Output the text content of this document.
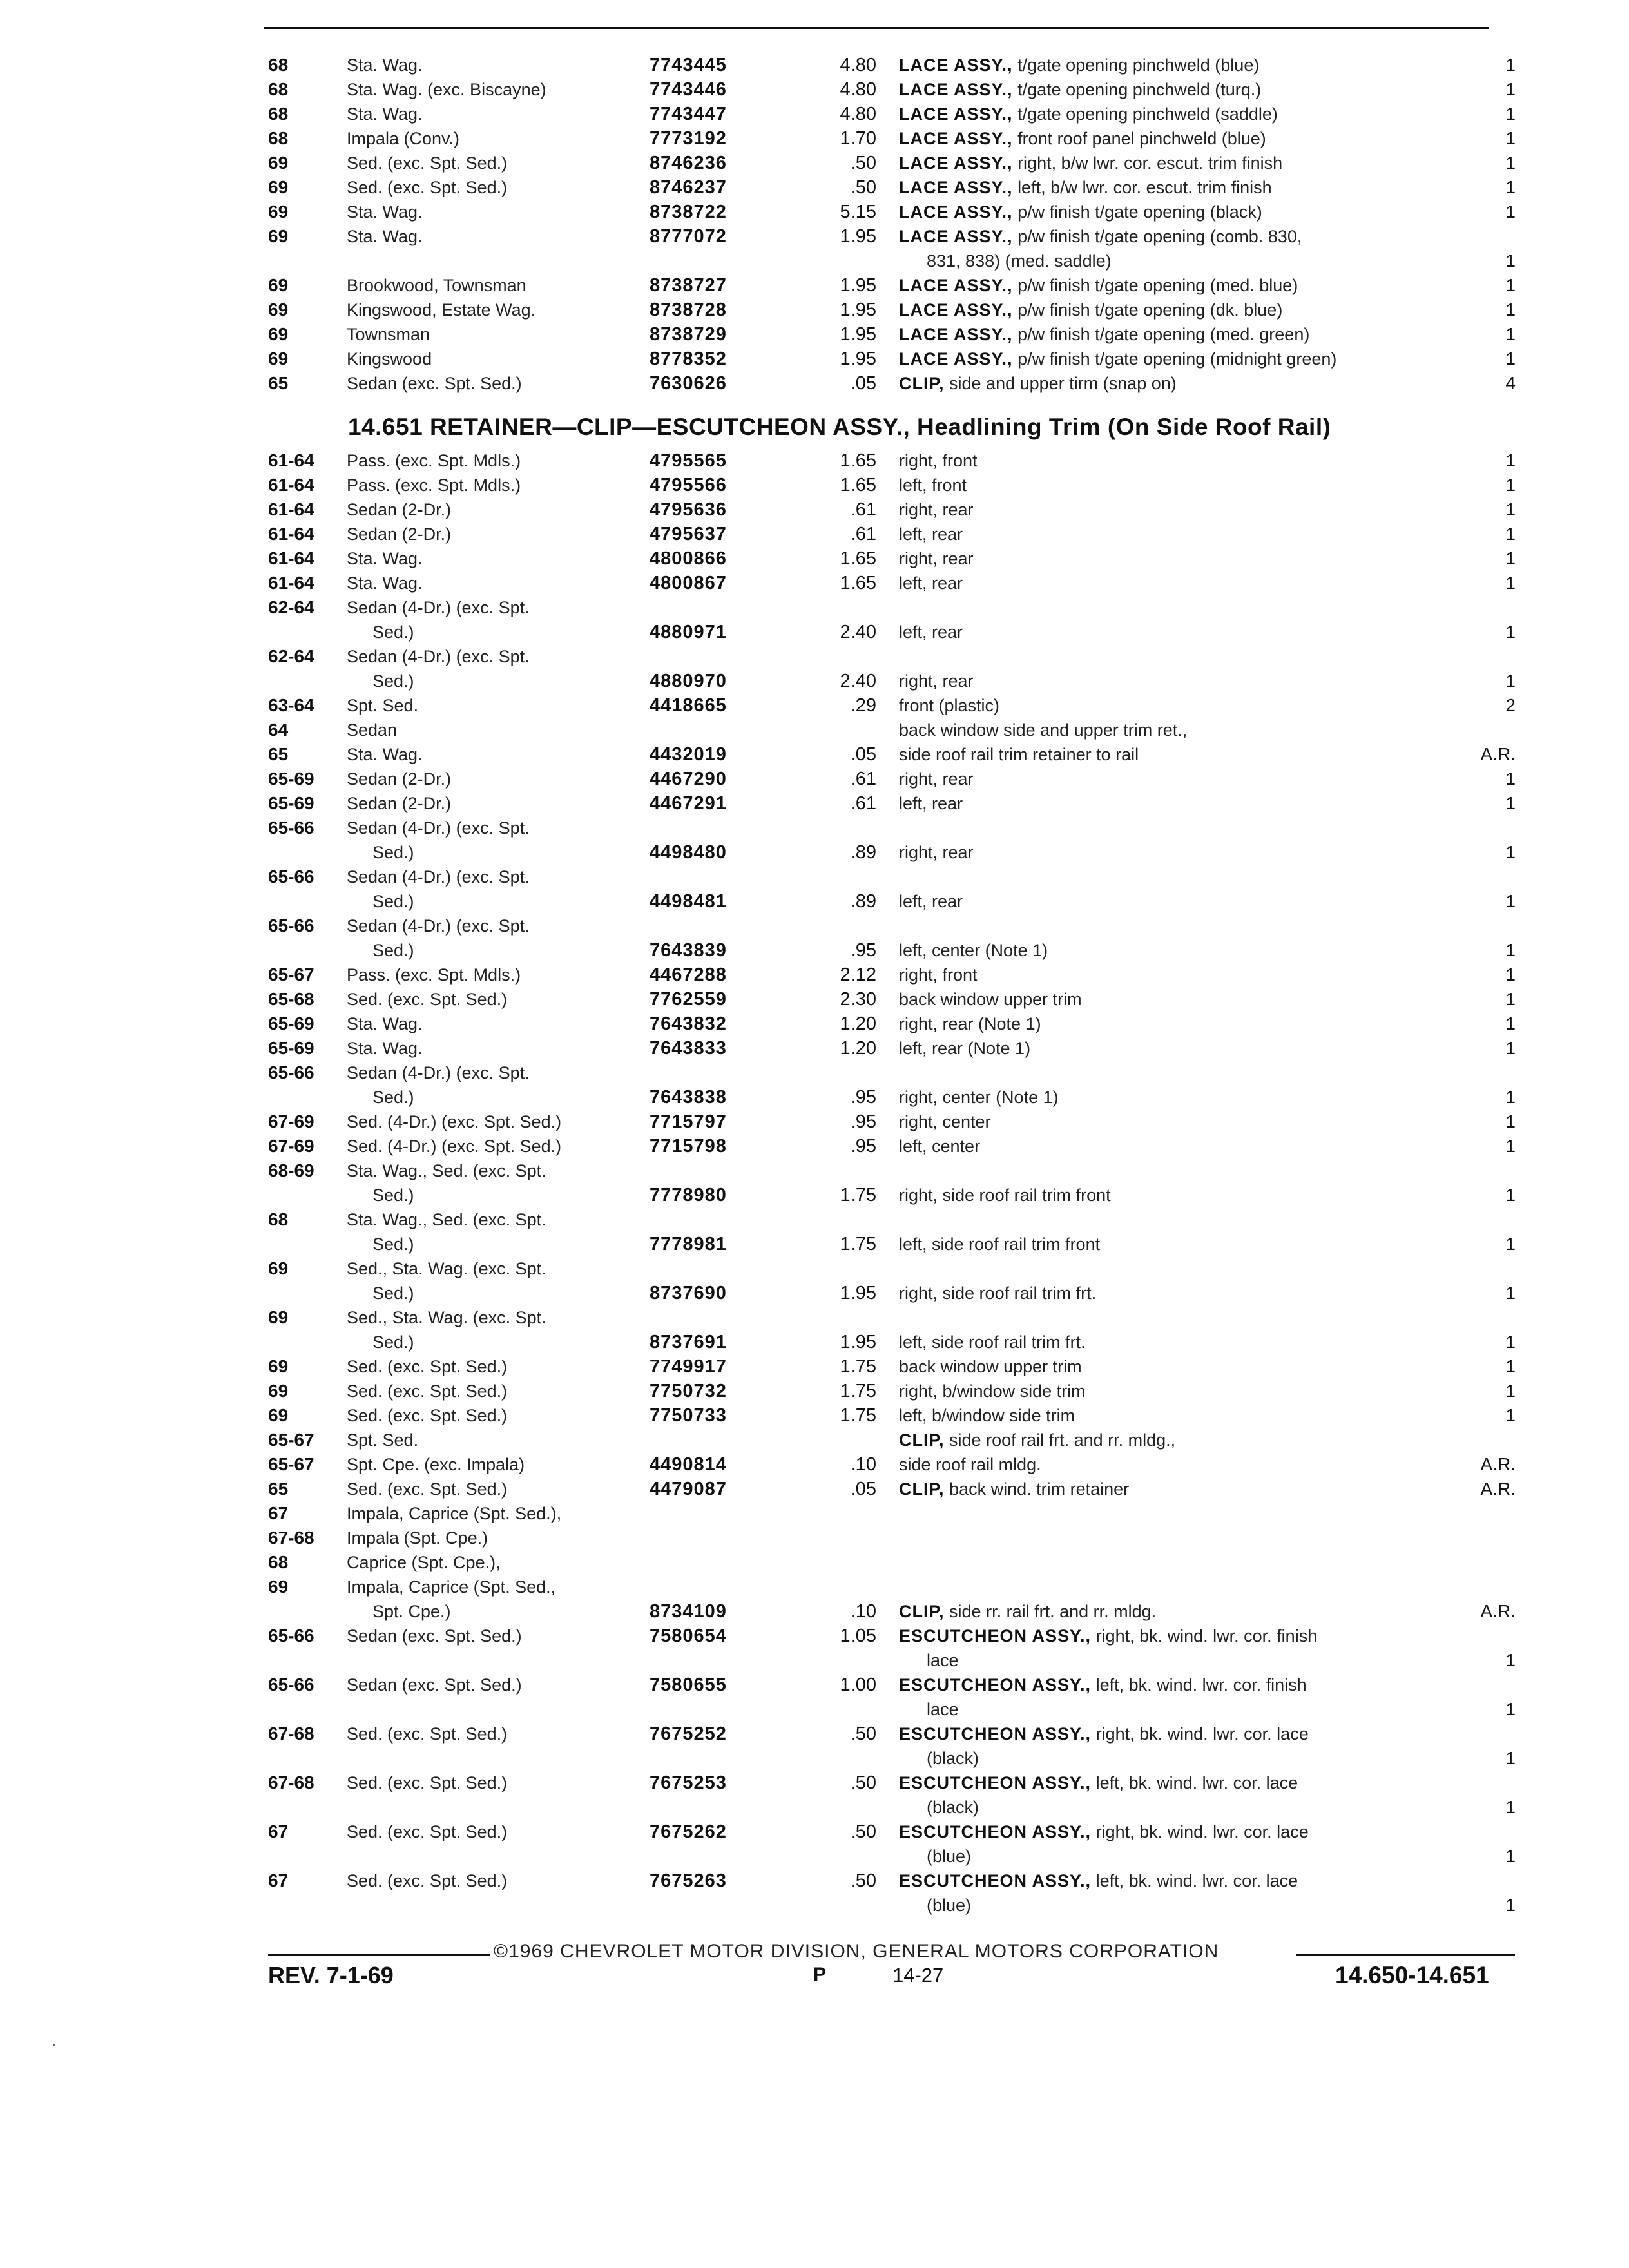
68	Sta. Wag.	7743445	4.80 LACE ASSY., t/gate opening pinchweld (blue)	1
68	Sta. Wag. (exc. Biscayne)	7743446	4.80 LACE ASSY., t/gate opening pinchweld (turq.)	1
68	Sta. Wag.	7743447	4.80 LACE ASSY., t/gate opening pinchweld (saddle)	1
68	Impala (Conv.)	7773192	1.70 LACE ASSY., front roof panel pinchweld (blue)	1
69	Sed. (exc. Spt. Sed.)	8746236	.50 LACE ASSY., right, b/w lwr. cor. escut. trim finish	1
69	Sed. (exc. Spt. Sed.)	8746237	.50 LACE ASSY., left, b/w lwr. cor. escut. trim finish	1
69	Sta. Wag.	8738722	5.15 LACE ASSY., p/w finish t/gate opening (black)	1
69	Sta. Wag.	8777072	1.95 LACE ASSY., p/w finish t/gate opening (comb. 830,
831, 838) (med. saddle)	1
69	Brookwood, Townsman	8738727	1.95 LACE ASSY., p/w finish t/gate opening (med. blue)	1
69	Kingswood, Estate Wag.	8738728	1.95 LACE ASSY., p/w finish t/gate opening (dk. blue)	1
69	Townsman	8738729	1.95 LACE ASSY., p/w finish t/gate opening (med. green)	1
69	Kingswood	8778352	1.95 LACE ASSY., p/w finish t/gate opening (midnight green)	1
65	Sedan (exc. Spt. Sed.)	7630626	.05 CLIP, side and upper tirm (snap on)	4
14.651 RETAINER—CLIP—ESCUTCHEON ASSY., Headlining Trim (On Side Roof Rail)
61-64	Pass. (exc. Spt. Mdls.)	4795565	1.65 right, front	1
61-64	Pass. (exc. Spt. Mdls.)	4795566	1.65 left, front	1
61-64	Sedan (2-Dr.)	4795636	.61 right, rear	1
61-64	Sedan (2-Dr.)	4795637	.61 left, rear	1
61-64	Sta. Wag.	4800866	1.65 right, rear	1
61-64	Sta. Wag.	4800867	1.65 left, rear	1
62-64	Sedan (4-Dr.) (exc. Spt.
Sed.)	4880971	2.40 left, rear	1
62-64	Sedan (4-Dr.) (exc. Spt.
Sed.)	4880970	2.40 right, rear	1
63-64	Spt. Sed.	4418665	.29 front (plastic)	2
64	Sedan	back window side and upper trim ret.,
65	Sta. Wag.	4432019	.05 side roof rail trim retainer to rail	A.R.
65-69	Sedan (2-Dr.)	4467290	.61 right, rear	1
65-69	Sedan (2-Dr.)	4467291	.61 left, rear	1
65-66	Sedan (4-Dr.) (exc. Spt.
Sed.)	4498480	.89 right, rear	1
65-66	Sedan (4-Dr.) (exc. Spt.
Sed.)	4498481	.89 left, rear	1
65-66	Sedan (4-Dr.) (exc. Spt.
Sed.)	7643839	.95 left, center (Note 1)	1
65-67	Pass. (exc. Spt. Mdls.)	4467288	2.12 right, front	1
65-68	Sed. (exc. Spt. Sed.)	7762559	2.30 back window upper trim	1
65-69	Sta. Wag.	7643832	1.20 right, rear (Note 1)	1
65-69	Sta. Wag.	7643833	1.20 left, rear (Note 1)	1
65-66	Sedan (4-Dr.) (exc. Spt.
Sed.)	7643838	.95 right, center (Note 1)	1
67-69	Sed. (4-Dr.) (exc. Spt. Sed.)	7715797	.95 right, center	1
67-69	Sed. (4-Dr.) (exc. Spt. Sed.)	7715798	.95 left, center	1
68-69	Sta. Wag., Sed. (exc. Spt.
Sed.)	7778980	1.75 right, side roof rail trim front	1
68	Sta. Wag., Sed. (exc. Spt.
Sed.)	7778981	1.75 left, side roof rail trim front	1
69	Sed., Sta. Wag. (exc. Spt.
Sed.)	8737690	1.95 right, side roof rail trim frt.	1
69	Sed., Sta. Wag. (exc. Spt.
Sed.)	8737691	1.95 left, side roof rail trim frt.	1
69	Sed. (exc. Spt. Sed.)	7749917	1.75 back window upper trim	1
69	Sed. (exc. Spt. Sed.)	7750732	1.75 right, b/window side trim	1
69	Sed. (exc. Spt. Sed.)	7750733	1.75 left, b/window side trim	1
65-67	Spt. Sed.	CLIP, side roof rail frt. and rr. mldg.,
65-67	Spt. Cpe. (exc. Impala)	4490814	.10 side roof rail mldg.	A.R.
65	Sed. (exc. Spt. Sed.)	4479087	.05 CLIP, back wind. trim retainer	A.R.
67	Impala, Caprice (Spt. Sed.),
67-68	Impala (Spt. Cpe.)
68	Caprice (Spt. Cpe.),
69	Impala, Caprice (Spt. Sed.,
Spt. Cpe.)	8734109	.10 CLIP, side rr. rail frt. and rr. mldg.	A.R.
65-66	Sedan (exc. Spt. Sed.)	7580654	1.05 ESCUTCHEON ASSY., right, bk. wind. lwr. cor. finish
lace	1
65-66	Sedan (exc. Spt. Sed.)	7580655	1.00 ESCUTCHEON ASSY., left, bk. wind. lwr. cor. finish
lace	1
67-68	Sed. (exc. Spt. Sed.)	7675252	.50 ESCUTCHEON ASSY., right, bk. wind. lwr. cor. lace
(black)	1
67-68	Sed. (exc. Spt. Sed.)	7675253	.50 ESCUTCHEON ASSY., left, bk. wind. lwr. cor. lace
(black)	1
67	Sed. (exc. Spt. Sed.)	7675262	.50 ESCUTCHEON ASSY., right, bk. wind. lwr. cor. lace
(blue)	1
67	Sed. (exc. Spt. Sed.)	7675263	.50 ESCUTCHEON ASSY., left, bk. wind. lwr. cor. lace
(blue)	1
©1969 CHEVROLET MOTOR DIVISION, GENERAL MOTORS CORPORATION
REV. 7-1-69	P	14-27	14.650-14.651
